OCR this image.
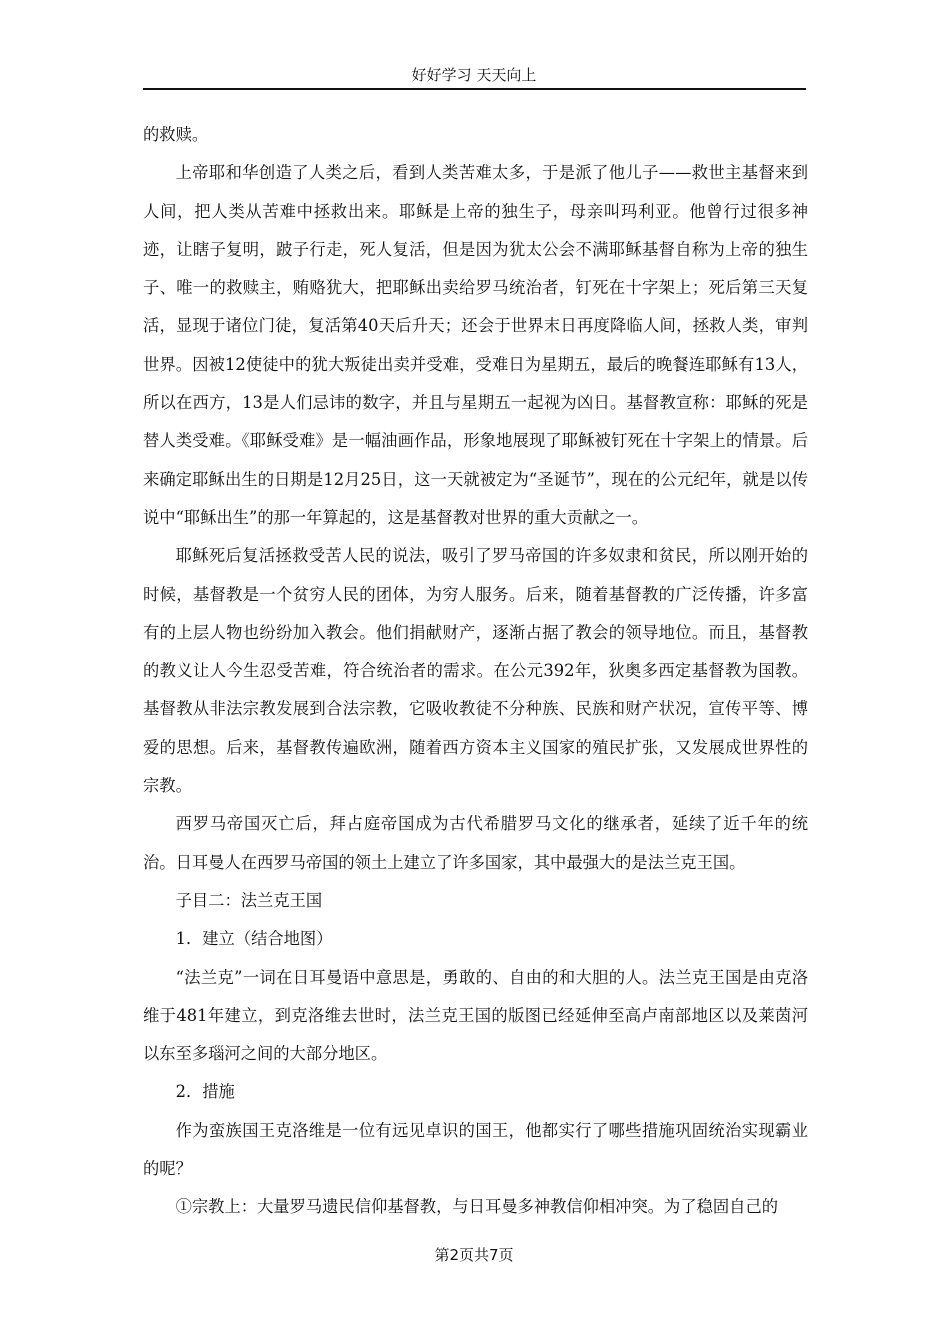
好好学习 天天向上

的救赎。

上帝耶和华创造了人类之后，看到人类苦难太多，于是派了他儿子——救世主基督来到人间，把人类从苦难中拯救出来。耶稣是上帝的独生子，母亲叫玛利亚。他曾行过很多神迹，让瞎子复明，跛子行走，死人复活，但是因为犹太公会不满耶稣基督自称为上帝的独生子、唯一的救赎主，贿赂犹大，把耶稣出卖给罗马统治者，钉死在十字架上；死后第三天复活，显现于诸位门徒，复活第40天后升天；还会于世界末日再度降临人间，拯救人类，审判世界。因被12使徒中的犹大叛徒出卖并受难，受难日为星期五，最后的晚餐连耶稣有13人，所以在西方，13是人们忌讳的数字，并且与星期五一起视为凶日。基督教宣称：耶稣的死是替人类受难。《耶稣受难》是一幅油画作品，形象地展现了耶稣被钉死在十字架上的情景。后来确定耶稣出生的日期是12月25日，这一天就被定为“圣诞节”，现在的公元纪年，就是以传说中“耶稣出生”的那一年算起的，这是基督教对世界的重大贡献之一。

耶稣死后复活拯救受苦人民的说法，吸引了罗马帝国的许多奴隶和贫民，所以刚开始的时候，基督教是一个贫穷人民的团体，为穷人服务。后来，随着基督教的广泛传播，许多富有的上层人物也纷纷加入教会。他们捐献财产，逐渐占据了教会的领导地位。而且，基督教的教义让人今生忍受苦难，符合统治者的需求。在公元392年，狄奥多西定基督教为国教。基督教从非法宗教发展到合法宗教，它吸收教徒不分种族、民族和财产状况，宣传平等、博爱的思想。后来，基督教传遍欧洲，随着西方资本主义国家的殖民扩张，又发展成世界性的宗教。

西罗马帝国灭亡后，拜占庭帝国成为古代希腊罗马文化的继承者，延续了近千年的统治。日耳曼人在西罗马帝国的领土上建立了许多国家，其中最强大的是法兰克王国。

子目二：法兰克王国

1．建立（结合地图）

“法兰克”一词在日耳曼语中意思是，勇敢的、自由的和大胆的人。法兰克王国是由克洛维于481年建立，到克洛维去世时，法兰克王国的版图已经延伸至高卢南部地区以及莱茵河以东至多瑙河之间的大部分地区。

2．措施

作为蛮族国王克洛维是一位有远见卓识的国王，他都实行了哪些措施巩固统治实现霸业的呢？

①宗教上：大量罗马遗民信仰基督教，与日耳曼多神教信仰相冲突。为了稳固自己的

第2页共7页
